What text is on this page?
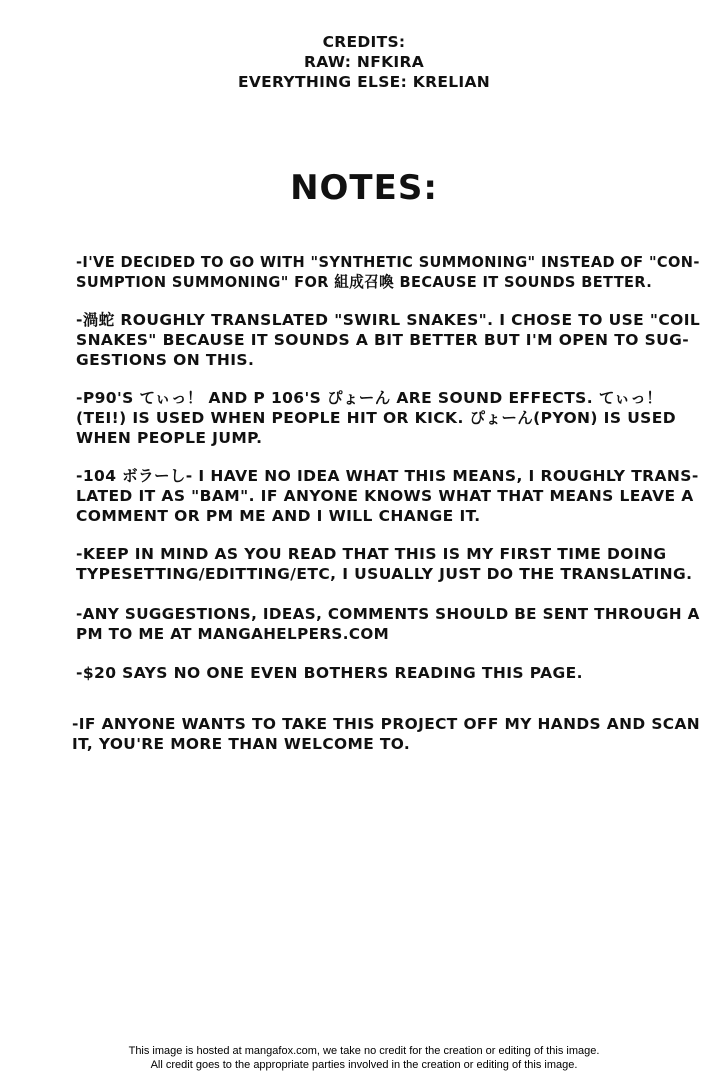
CREDITS:
RAW: NFKIRA
EVERYTHING ELSE: KRELIAN
NOTES:
-I'VE DECIDED TO GO WITH "SYNTHETIC SUMMONING" INSTEAD OF "CON-
SUMPTION SUMMONING" FOR 組成召喚 BECAUSE IT SOUNDS BETTER.
-渦蛇 ROUGHLY TRANSLATED "SWIRL SNAKES". I CHOSE TO USE "COIL
SNAKES" BECAUSE IT SOUNDS A BIT BETTER BUT I'M OPEN TO SUG-
GESTIONS ON THIS.
-P90'S てぃっ！ AND P 106'S ぴょーん ARE SOUND EFFECTS. てぃっ！
(TEI!) IS USED WHEN PEOPLE HIT OR KICK. ぴょーん(PYON) IS USED
WHEN PEOPLE JUMP.
-104 ボラーし- I HAVE NO IDEA WHAT THIS MEANS, I ROUGHLY TRANS-
LATED IT AS "BAM". IF ANYONE KNOWS WHAT THAT MEANS LEAVE A
COMMENT OR PM ME AND I WILL CHANGE IT.
-KEEP IN MIND AS YOU READ THAT THIS IS MY FIRST TIME DOING
TYPESETTING/EDITTING/ETC, I USUALLY JUST DO THE TRANSLATING.
-ANY SUGGESTIONS, IDEAS, COMMENTS SHOULD BE SENT THROUGH A
PM TO ME AT MANGAHELPERS.COM
-$20 SAYS NO ONE EVEN BOTHERS READING THIS PAGE.
-IF ANYONE WANTS TO TAKE THIS PROJECT OFF MY HANDS AND SCAN
IT, YOU'RE MORE THAN WELCOME TO.
This image is hosted at mangafox.com, we take no credit for the creation or editing of this image.
All credit goes to the appropriate parties involved in the creation or editing of this image.
